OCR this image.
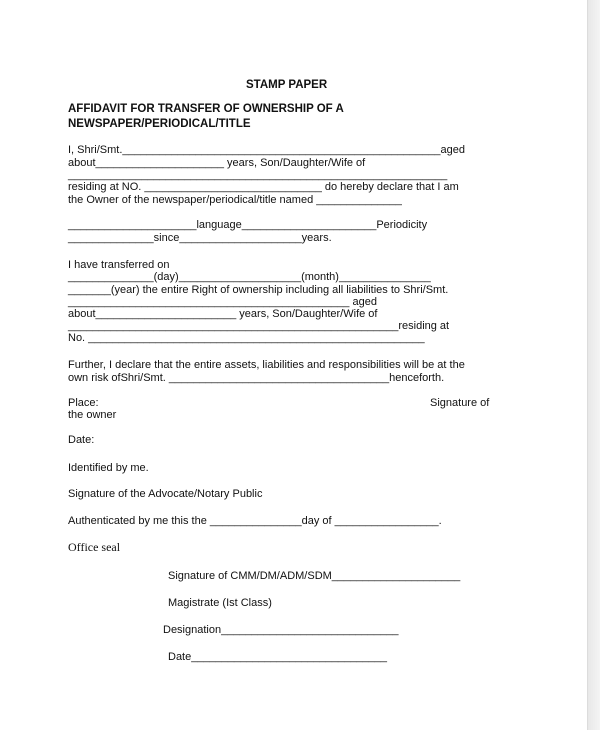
STAMP PAPER
AFFIDAVIT FOR TRANSFER OF OWNERSHIP OF A
NEWSPAPER/PERIODICAL/TITLE
I, Shri/Smt.____________________________________________________aged
about_____________________ years, Son/Daughter/Wife of
______________________________________________________________
residing at NO. _____________________________ do hereby declare that I am
the Owner of the newspaper/periodical/title named ______________
_____________________language______________________Periodicity
______________since____________________years.
I have transferred on
______________(day)____________________(month)_______________
_______(year) the entire Right of ownership including all liabilities to Shri/Smt.
______________________________________________ aged
about_______________________ years, Son/Daughter/Wife of
______________________________________________________residing at
No. _______________________________________________________
Further, I declare that the entire assets, liabilities and responsibilities will be at the
own risk ofShri/Smt. ____________________________________henceforth.
Place:	Signature of
the owner
Date:
Identified by me.
Signature of the Advocate/Notary Public
Authenticated by me this the _______________day of _________________.
Office seal
Signature of CMM/DM/ADM/SDM_____________________
Magistrate (Ist Class)
Designation_____________________________
Date________________________________
